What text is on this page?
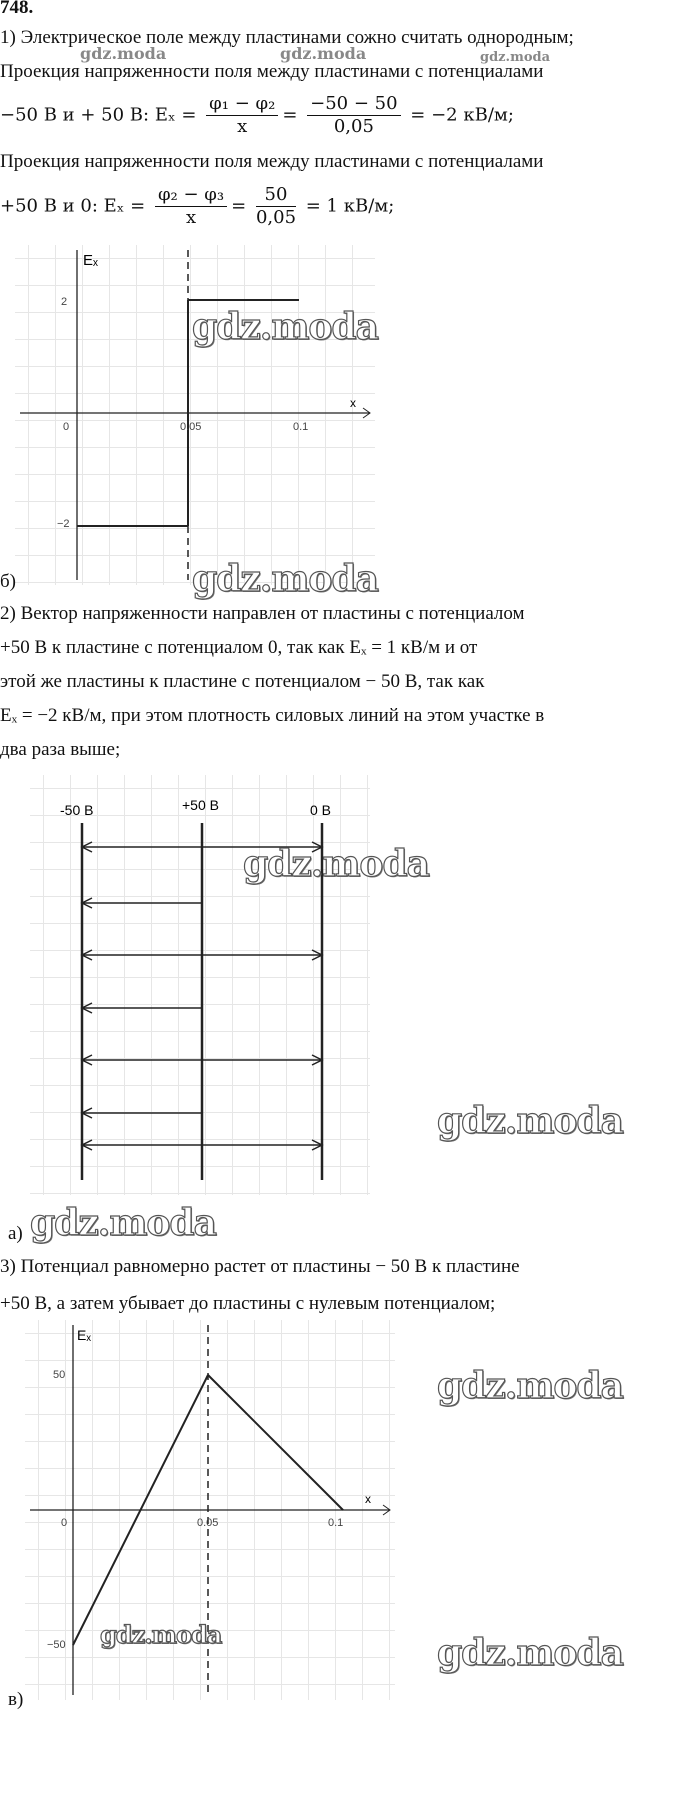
748.
1) Электрическое поле между пластинами сожно считать однородным;
Проекция напряженности поля между пластинами с потенциалами
−50 В и + 50 В: $E_x = \frac{\text{φ₁ − φ₂}}{x} = \frac{-50 - 50}{0,05} = -2$ кВ/м;
Проекция напряженности поля между пластинами с потенциалами
+50 В и 0: $E_x = \frac{\text{φ₂ − φ₃}}{x} = \frac{50}{0,05} = 1$ кВ/м;
gdz.moda	gdz.moda	gdz.moda
Eₓ
x
0	0.05	0.1
2
−2
gdz.moda
б)	gdz.moda
2) Вектор напряженности направлен от пластины с потенциалом
+50 В к пластине с потенциалом 0, так как Eₓ = 1 кВ/м и от
этой же пластины к пластине с потенциалом − 50 В, так как
Eₓ = −2 кВ/м, при этом плотность силовых линий на этом участке в
два раза выше;
-50 В	+50 В	0 В
gdz.moda
gdz.moda
а) gdz.moda
3) Потенциал равномерно растет от пластины − 50 В к пластине
+50 В, а затем убывает до пластины с нулевым потенциалом;
Eₓ
x
0	0.05	0.1
50
−50
gdz.moda
gdz.moda	gdz.moda
в)
